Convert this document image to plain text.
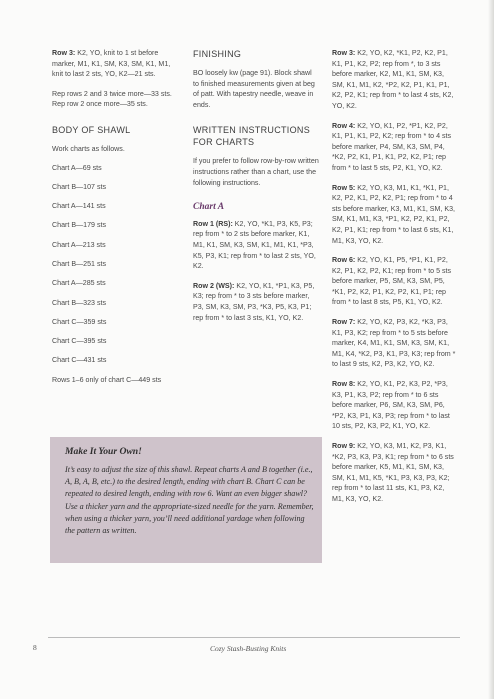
Row 3: K2, YO, knit to 1 st before marker, M1, K1, SM, K3, SM, K1, M1, knit to last 2 sts, YO, K2—21 sts.

Rep rows 2 and 3 twice more—33 sts. Rep row 2 once more—35 sts.

BODY OF SHAWL

Work charts as follows.

Chart A—69 sts
Chart B—107 sts
Chart A—141 sts
Chart B—179 sts
Chart A—213 sts
Chart B—251 sts
Chart A—285 sts
Chart B—323 sts
Chart C—359 sts
Chart C—395 sts
Chart C—431 sts

Rows 1–6 only of chart C—449 sts

FINISHING

BO loosely kw (page 91). Block shawl to finished measurements given at beg of patt. With tapestry needle, weave in ends.

WRITTEN INSTRUCTIONS FOR CHARTS

If you prefer to follow row-by-row written instructions rather than a chart, use the following instructions.

Chart A

Row 1 (RS): K2, YO, *K1, P3, K5, P3; rep from * to 2 sts before marker, K1, M1, K1, SM, K3, SM, K1, M1, K1, *P3, K5, P3, K1; rep from * to last 2 sts, YO, K2.

Row 2 (WS): K2, YO, K1, *P1, K3, P5, K3; rep from * to 3 sts before marker, P3, SM, K3, SM, P3, *K3, P5, K3, P1; rep from * to last 3 sts, K1, YO, K2.

Row 3: K2, YO, K2, *K1, P2, K2, P1, K1, P1, K2, P2; rep from *, to 3 sts before marker, K2, M1, K1, SM, K3, SM, K1, M1, K2, *P2, K2, P1, K1, P1, K2, P2, K1; rep from * to last 4 sts, K2, YO, K2.

Row 4: K2, YO, K1, P2, *P1, K2, P2, K1, P1, K1, P2, K2; rep from * to 4 sts before marker, P4, SM, K3, SM, P4, *K2, P2, K1, P1, K1, P2, K2, P1; rep from * to last 5 sts, P2, K1, YO, K2.

Row 5: K2, YO, K3, M1, K1, *K1, P1, K2, P2, K1, P2, K2, P1; rep from * to 4 sts before marker, K3, M1, K1, SM, K3, SM, K1, M1, K3, *P1, K2, P2, K1, P2, K2, P1, K1; rep from * to last 6 sts, K1, M1, K3, YO, K2.

Row 6: K2, YO, K1, P5, *P1, K1, P2, K2, P1, K2, P2, K1; rep from * to 5 sts before marker, P5, SM, K3, SM, P5, *K1, P2, K2, P1, K2, P2, K1, P1; rep from * to last 8 sts, P5, K1, YO, K2.

Row 7: K2, YO, K2, P3, K2, *K3, P3, K1, P3, K2; rep from * to 5 sts before marker, K4, M1, K1, SM, K3, SM, K1, M1, K4, *K2, P3, K1, P3, K3; rep from * to last 9 sts, K2, P3, K2, YO, K2.

Row 8: K2, YO, K1, P2, K3, P2, *P3, K3, P1, K3, P2; rep from * to 6 sts before marker, P6, SM, K3, SM, P6, *P2, K3, P1, K3, P3; rep from * to last 10 sts, P2, K3, P2, K1, YO, K2.

Row 9: K2, YO, K3, M1, K2, P3, K1, *K2, P3, K3, P3, K1; rep from * to 6 sts before marker, K5, M1, K1, SM, K3, SM, K1, M1, K5, *K1, P3, K3, P3, K2; rep from * to last 11 sts, K1, P3, K2, M1, K3, YO, K2.

Make It Your Own!
It’s easy to adjust the size of this shawl. Repeat charts A and B together (i.e., A, B, A, B, etc.) to the desired length, ending with chart B. Chart C can be repeated to desired length, ending with row 6. Want an even bigger shawl? Use a thicker yarn and the appropriate-sized needle for the yarn. Remember, when using a thicker yarn, you’ll need additional yardage when following the pattern as written.
8	Cozy Stash-Busting Knits
